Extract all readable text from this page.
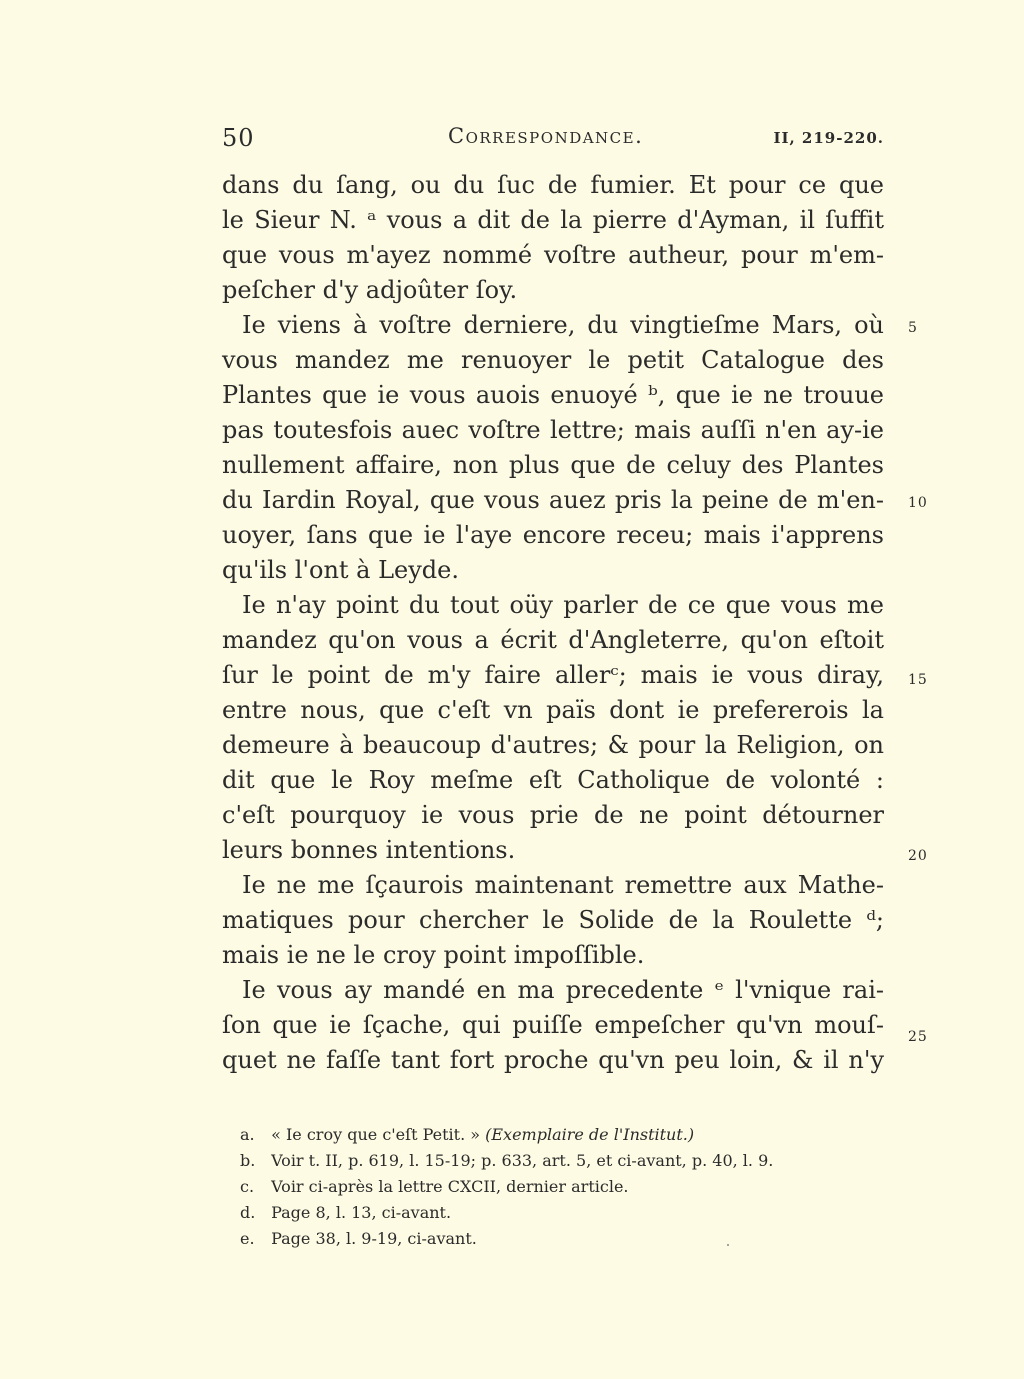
50	Correspondance.	II, 219-220.
dans du ſang, ou du ſuc de fumier. Et pour ce que
le Sieur N. ᵃ vous a dit de la pierre d'Ayman, il ſuffit
que vous m'ayez nommé voſtre autheur, pour m'em-
peſcher d'y adjoûter ſoy.
Ie viens à voſtre derniere, du vingtieſme Mars, où
vous mandez me renuoyer le petit Catalogue des
Plantes que ie vous auois enuoyé ᵇ, que ie ne trouue
pas toutesfois auec voſtre lettre; mais auſſi n'en ay-ie
nullement affaire, non plus que de celuy des Plantes
du Iardin Royal, que vous auez pris la peine de m'en-
uoyer, ſans que ie l'aye encore receu; mais i'apprens
qu'ils l'ont à Leyde.
Ie n'ay point du tout oüy parler de ce que vous me
mandez qu'on vous a écrit d'Angleterre, qu'on eſtoit
ſur le point de m'y faire allerᶜ; mais ie vous diray,
entre nous, que c'eſt vn païs dont ie prefererois la
demeure à beaucoup d'autres; & pour la Religion, on
dit que le Roy meſme eſt Catholique de volonté :
c'eſt pourquoy ie vous prie de ne point détourner
leurs bonnes intentions.
Ie ne me ſçaurois maintenant remettre aux Mathe-
matiques pour chercher le Solide de la Roulette ᵈ;
mais ie ne le croy point impoſſible.
Ie vous ay mandé en ma precedente ᵉ l'vnique rai-
ſon que ie ſçache, qui puiſſe empeſcher qu'vn mouſ-
quet ne faſſe tant fort proche qu'vn peu loin, & il n'y
5
10
15
20
25
a. « Ie croy que c'eſt Petit. » (Exemplaire de l'Institut.)
b. Voir t. II, p. 619, l. 15-19; p. 633, art. 5, et ci-avant, p. 40, l. 9.
c. Voir ci-après la lettre CXCII, dernier article.
d. Page 8, l. 13, ci-avant.
e. Page 38, l. 9-19, ci-avant.
